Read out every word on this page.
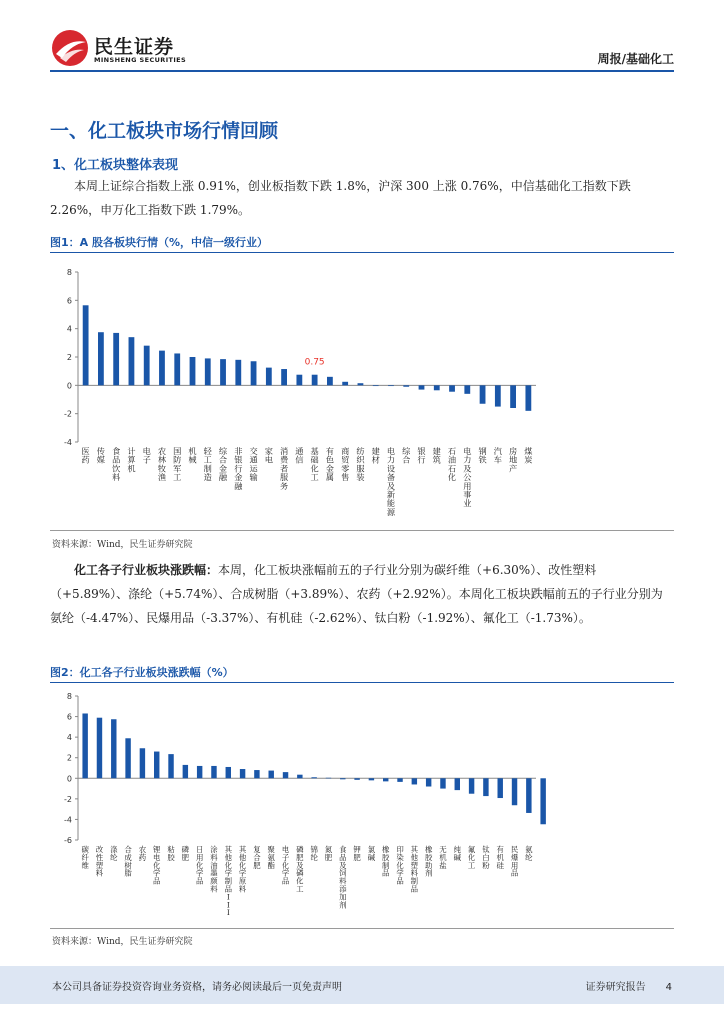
民生证券
MINSHENG SECURITIES	周报/基础化工
一、化工板块市场行情回顾
1、化工板块整体表现
本周上证综合指数上涨 0.91%，创业板指数下跌 1.8%，沪深 300 上涨 0.76%，中信基础化工指数下跌 2.26%，申万化工指数下跌 1.79%。
图1：A 股各板块行情（%，中信一级行业）
-4
-2
0
2
4
6
8
医药
传媒
食品饮料
计算机
电子
农林牧渔
国防军工
机械
轻工制造
综合金融
非银行金融
交通运输
家电
消费者服务
通信
基础化工
0.75
有色金属
商贸零售
纺织服装
建材
电力设备及新能源
综合
银行
建筑
石油石化
电力及公用事业
钢铁
汽车
房地产
煤炭
资料来源：Wind，民生证券研究院
化工各子行业板块涨跌幅：本周，化工板块涨幅前五的子行业分别为碳纤维（+6.30%）、改性塑料（+5.89%）、涤纶（+5.74%）、合成树脂（+3.89%）、农药（+2.92%）。本周化工板块跌幅前五的子行业分别为氨纶（-4.47%）、民爆用品（-3.37%）、有机硅（-2.62%）、钛白粉（-1.92%）、氟化工（-1.73%）。
图2：化工各子行业板块涨跌幅（%）
-6
-4
-2
0
2
4
6
8
碳纤维
改性塑料
涤纶
合成树脂
农药
锂电化学品
粘胶
磷肥
日用化学品
涂料油墨颜料
其他化学制品 I I I
其他化学原料
复合肥
聚氨酯
电子化学品
磷肥及磷化工
锦纶
氮肥
食品及饲料添加剂
钾肥
氯碱
橡胶制品
印染化学品
其他塑料制品
橡胶助剂
无机盐
纯碱
氟化工
钛白粉
有机硅
民爆用品
氨纶
资料来源：Wind，民生证券研究院
本公司具备证券投资咨询业务资格，请务必阅读最后一页免责声明	证券研究报告 4
